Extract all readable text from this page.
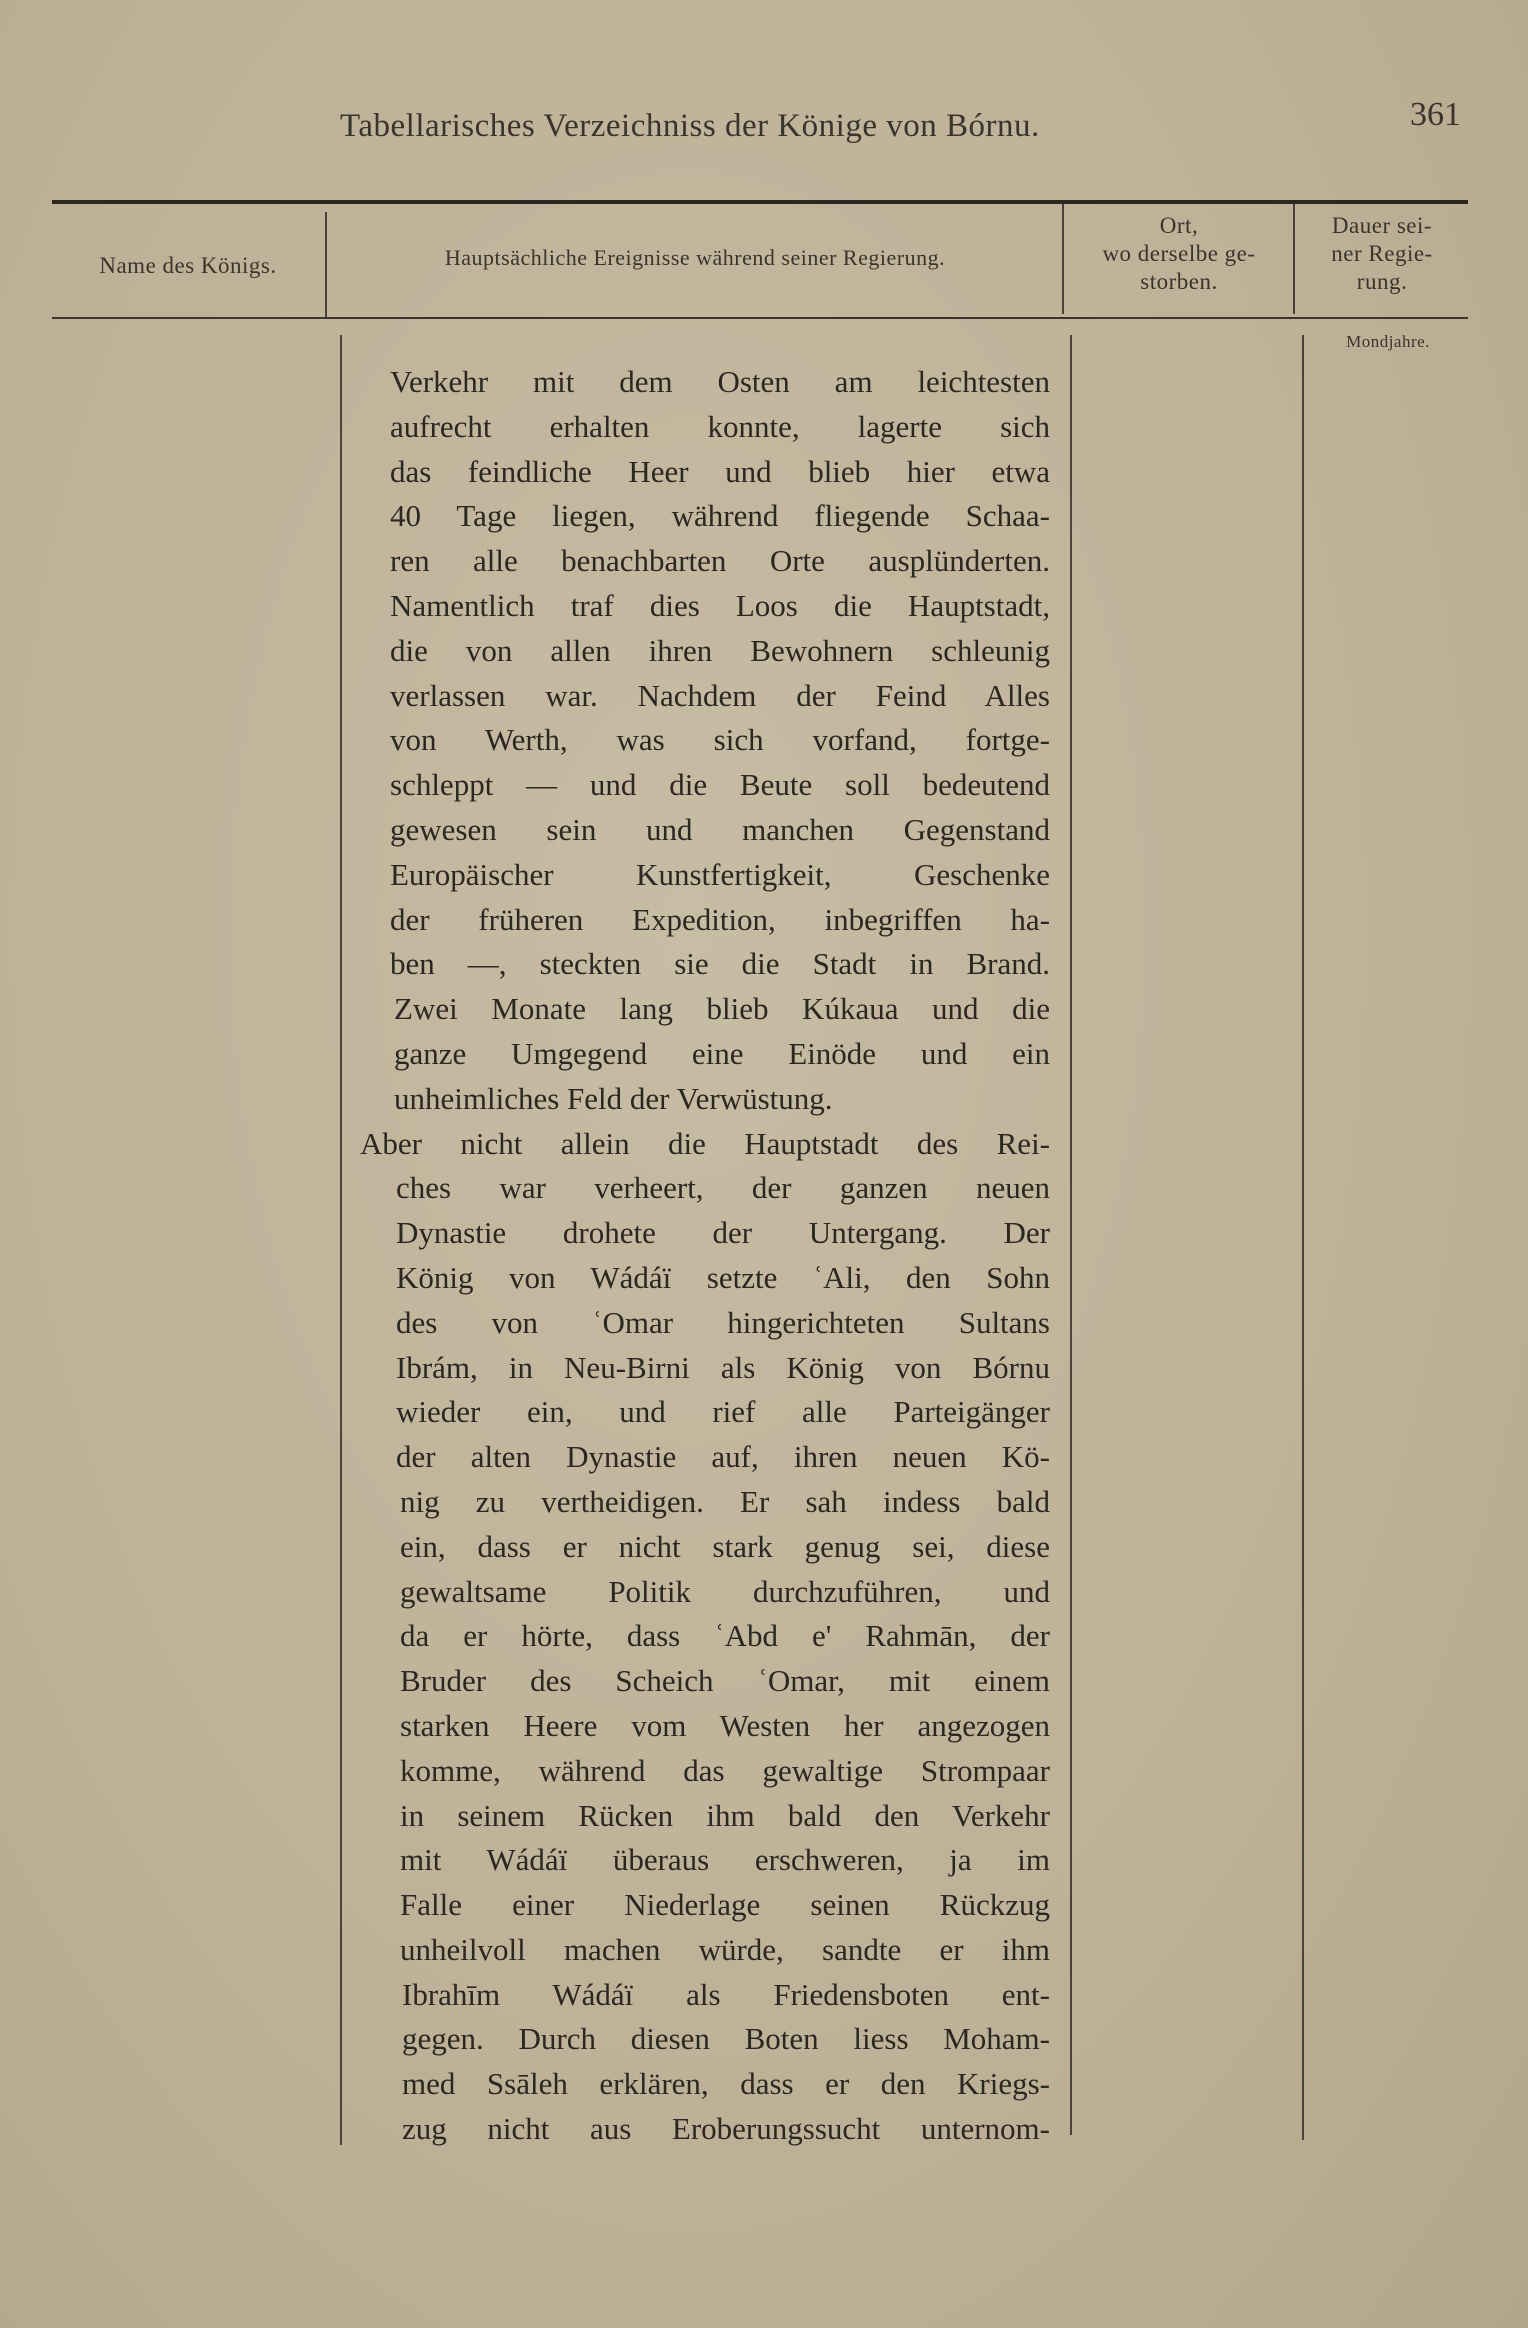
Tabellarisches Verzeichniss der Könige von Bórnu.	361
Name des Königs.	Hauptsächliche Ereignisse während seiner Regierung.
Ort,
wo derselbe ge-
storben.
Dauer sei-
ner Regie-
rung.
Mondjahre.
Verkehr mit dem Osten am leichtesten
aufrecht erhalten konnte, lagerte sich
das feindliche Heer und blieb hier etwa
40 Tage liegen, während fliegende Schaa-
ren alle benachbarten Orte ausplünderten.
Namentlich traf dies Loos die Hauptstadt,
die von allen ihren Bewohnern schleunig
verlassen war. Nachdem der Feind Alles
von Werth, was sich vorfand, fortge-
schleppt — und die Beute soll bedeutend
gewesen sein und manchen Gegenstand
Europäischer Kunstfertigkeit, Geschenke
der früheren Expedition, inbegriffen ha-
ben —, steckten sie die Stadt in Brand.
Zwei Monate lang blieb Kúkaua und die
ganze Umgegend eine Einöde und ein
unheimliches Feld der Verwüstung.
Aber nicht allein die Hauptstadt des Rei-
ches war verheert, der ganzen neuen
Dynastie drohete der Untergang. Der
König von Wádáï setzte ʿAli, den Sohn
des von ʿOmar hingerichteten Sultans
Ibrám, in Neu-Birni als König von Bórnu
wieder ein, und rief alle Parteigänger
der alten Dynastie auf, ihren neuen Kö-
nig zu vertheidigen. Er sah indess bald
ein, dass er nicht stark genug sei, diese
gewaltsame Politik durchzuführen, und
da er hörte, dass ʿAbd e' Rahmān, der
Bruder des Scheich ʿOmar, mit einem
starken Heere vom Westen her angezogen
komme, während das gewaltige Strompaar
in seinem Rücken ihm bald den Verkehr
mit Wádáï überaus erschweren, ja im
Falle einer Niederlage seinen Rückzug
unheilvoll machen würde, sandte er ihm
Ibrahīm Wádáï als Friedensboten ent-
gegen. Durch diesen Boten liess Moham-
med Ssāleh erklären, dass er den Kriegs-
zug nicht aus Eroberungssucht unternom-
